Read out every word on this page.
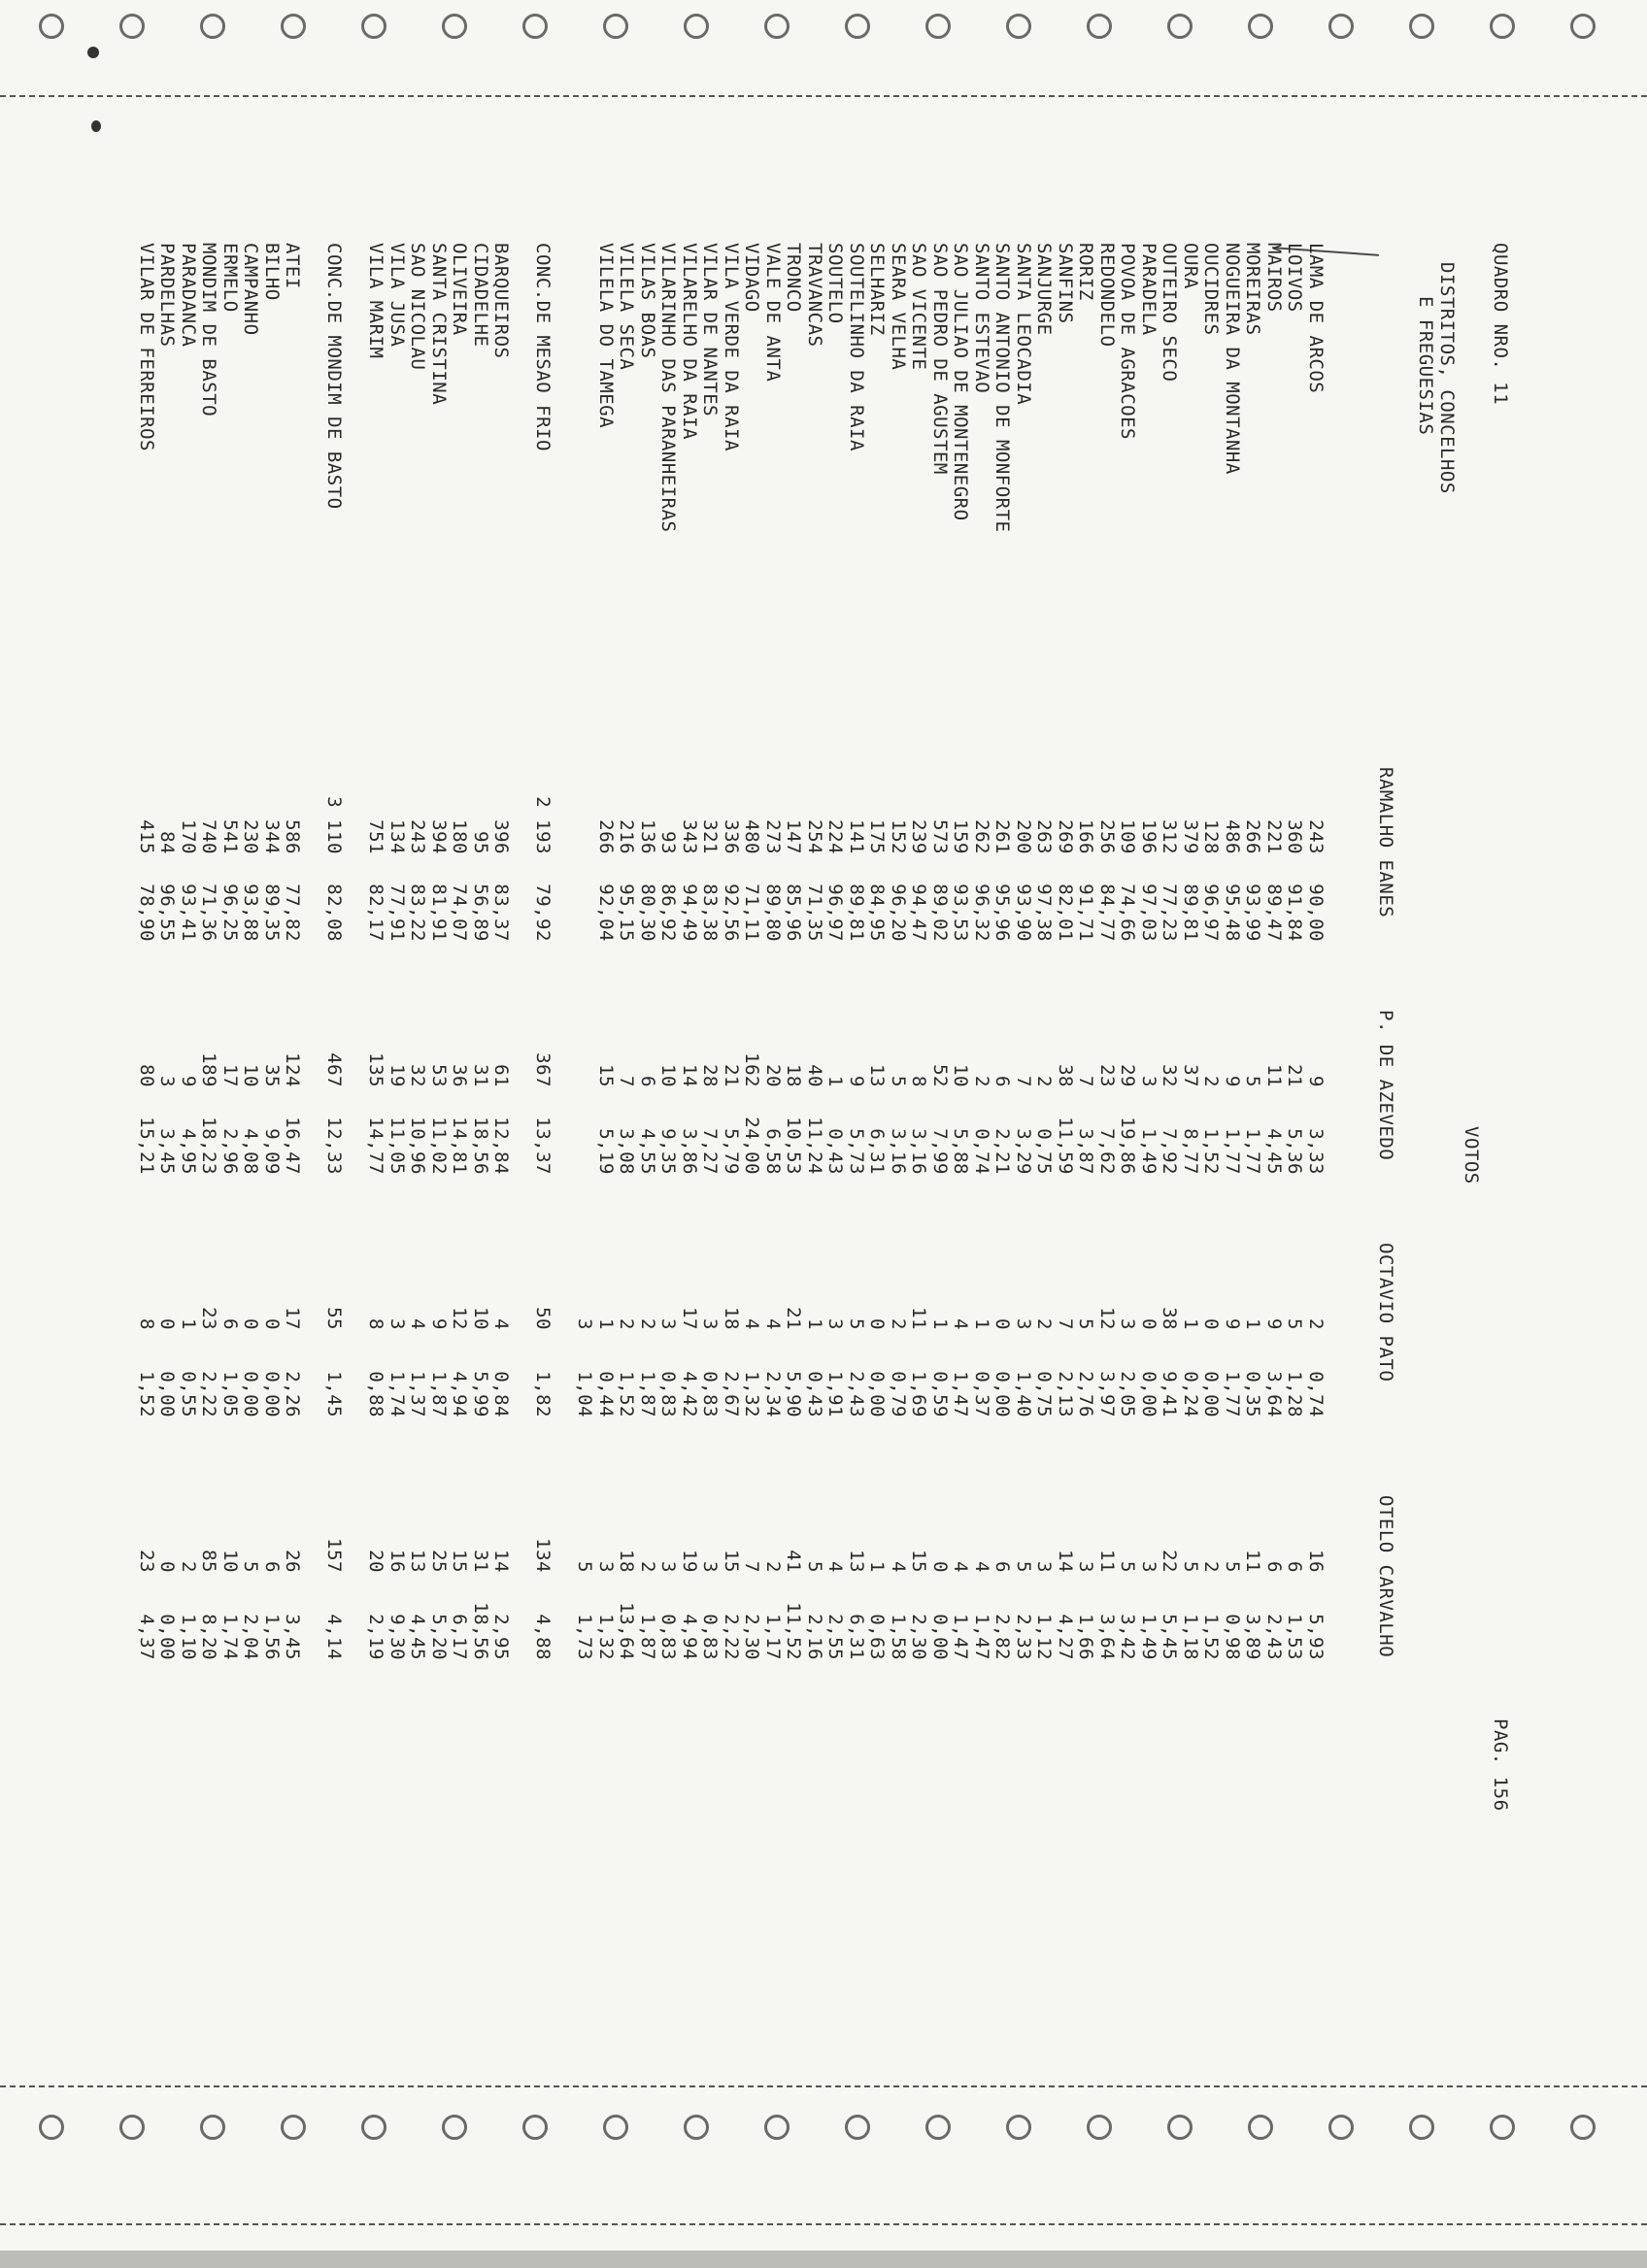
QUADRO NRO. 11
PAG. 156
DISTRITOS, CONCELHOS
E FREGUESIAS
VOTOS
RAMALHO EANES
P. DE AZEVEDO
OCTAVIO PATO
OTELO CARVALHO
LAMA DE ARCOS
243
90,00
9
3,33
2
0,74
16
5,93
LOIVOS
360
91,84
21
5,36
5
1,28
6
1,53
MAIROS
221
89,47
11
4,45
9
3,64
6
2,43
MOREIRAS
266
93,99
5
1,77
1
0,35
11
3,89
NOGUEIRA DA MONTANHA
486
95,48
9
1,77
9
1,77
5
0,98
OUCIDRES
128
96,97
2
1,52
0
0,00
2
1,52
OURA
379
89,81
37
8,77
1
0,24
5
1,18
OUTEIRO SECO
312
77,23
32
7,92
38
9,41
22
5,45
PARADELA
196
97,03
3
1,49
0
0,00
3
1,49
POVOA DE AGRACOES
109
74,66
29
19,86
3
2,05
5
3,42
REDONDELO
256
84,77
23
7,62
12
3,97
11
3,64
RORIZ
166
91,71
7
3,87
5
2,76
3
1,66
SANFINS
269
82,01
38
11,59
7
2,13
14
4,27
SANJURGE
263
97,38
2
0,75
2
0,75
3
1,12
SANTA LEOCADIA
200
93,90
7
3,29
3
1,40
5
2,33
SANTO ANTONIO DE MONFORTE
261
95,96
6
2,21
0
0,00
6
2,82
SANTO ESTEVAO
262
96,32
2
0,74
1
0,37
4
1,47
SAO JULIAO DE MONTENEGRO
159
93,53
10
5,88
4
1,47
4
1,47
SAO PEDRO DE AGUSTEM
573
89,02
52
7,99
1
0,59
0
0,00
SAO VICENTE
239
94,47
8
3,16
11
1,69
15
2,30
SEARA VELHA
152
96,20
5
3,16
2
0,79
4
1,58
SELHARIZ
175
84,95
13
6,31
0
0,00
1
0,63
SOUTELINHO DA RAIA
141
89,81
9
5,73
5
2,43
13
6,31
SOUTELO
224
96,97
1
0,43
3
1,91
4
2,55
TRAVANCAS
254
71,35
40
11,24
1
0,43
5
2,16
TRONCO
147
85,96
18
10,53
21
5,90
41
11,52
VALE DE ANTA
273
89,80
20
6,58
4
2,34
2
1,17
VIDAGO
480
71,11
162
24,00
4
1,32
7
2,30
VILA VERDE DA RAIA
336
92,56
21
5,79
18
2,67
15
2,22
VILAR DE NANTES
321
83,38
28
7,27
3
0,83
3
0,83
VILARELHO DA RAIA
343
94,49
14
3,86
17
4,42
19
4,94
VILARINHO DAS PARANHEIRAS
93
86,92
10
9,35
3
0,83
3
0,83
VILAS BOAS
136
80,30
6
4,55
2
1,87
2
1,87
VILELA SECA
216
95,15
7
3,08
2
1,52
18
13,64
VILELA DO TAMEGA
266
92,04
15
5,19
1
0,44
3
1,32
3
1,04
5
1,73
CONC.DE MESAO FRIO
2 193
79,92
367
13,37
50
1,82
134
4,88
BARQUEIROS
396
83,37
61
12,84
4
0,84
14
2,95
CIDADELHE
95
56,89
31
18,56
10
5,99
31
18,56
OLIVEIRA
180
74,07
36
14,81
12
4,94
15
6,17
SANTA CRISTINA
394
81,91
53
11,02
9
1,87
25
5,20
SAO NICOLAU
243
83,22
32
10,96
4
1,37
13
4,45
VILA JUSA
134
77,91
19
11,05
3
1,74
16
9,30
VILA MARIM
751
82,17
135
14,77
8
0,88
20
2,19
CONC.DE MONDIM DE BASTO
3 110
82,08
467
12,33
55
1,45
157
4,14
ATEI
586
77,82
124
16,47
17
2,26
26
3,45
BILHO
344
89,35
35
9,09
0
0,00
6
1,56
CAMPANHO
230
93,88
10
4,08
0
0,00
5
2,04
ERMELO
541
96,25
17
2,96
6
1,05
10
1,74
MONDIM DE BASTO
740
71,36
189
18,23
23
2,22
85
8,20
PARADANCA
170
93,41
9
4,95
1
0,55
2
1,10
PARDELHAS
84
96,55
3
3,45
0
0,00
0
0,00
VILAR DE FERREIROS
415
78,90
80
15,21
8
1,52
23
4,37
